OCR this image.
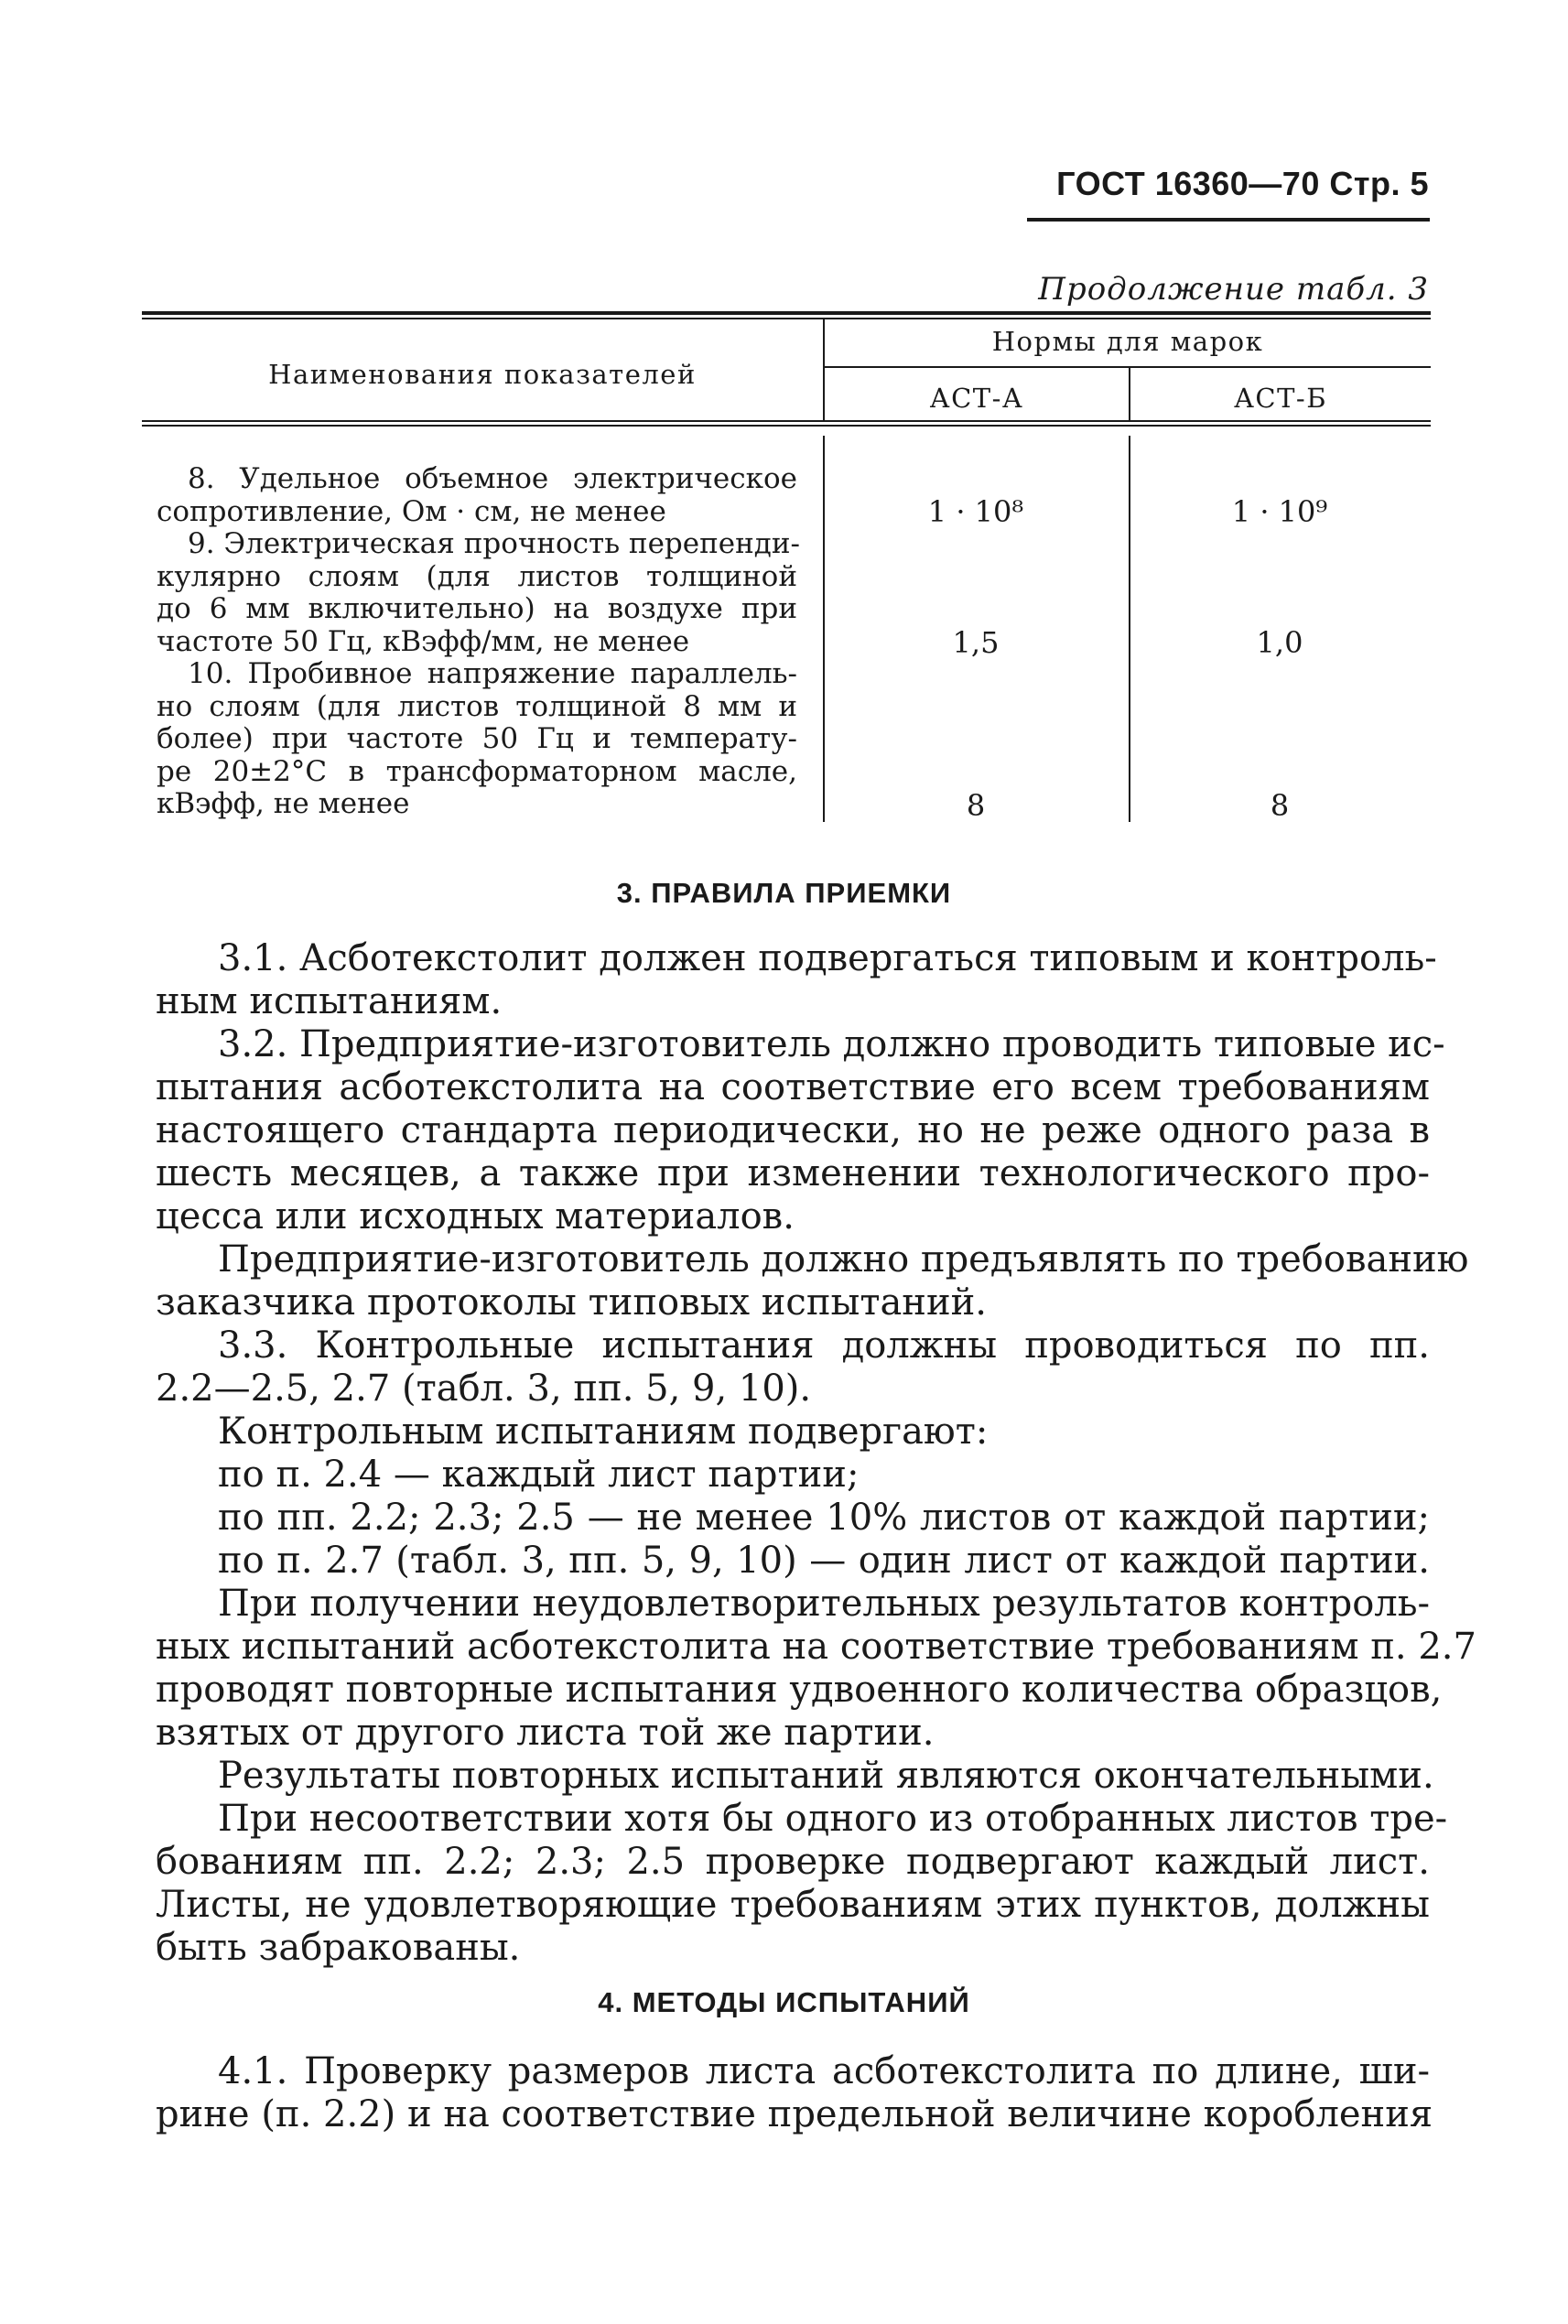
ГОСТ 16360—70 Стр. 5
Продолжение табл. 3
Наименования показателей
Нормы для марок
АСТ-А	АСТ-Б
8. Удельное объемное электрическое
сопротивление, Ом · см, не менее	1 · 10⁸	1 · 10⁹
9. Электрическая прочность перепенди-
кулярно слоям (для листов толщиной
до 6 мм включительно) на воздухе при
частоте 50 Гц, кВэфф/мм, не менее	1,5	1,0
10. Пробивное напряжение параллель-
но слоям (для листов толщиной 8 мм и
более) при частоте 50 Гц и температу-
ре 20±2°С в трансформаторном масле,
кВэфф, не менее	8	8
3. ПРАВИЛА ПРИЕМКИ
3.1. Асботекстолит должен подвергаться типовым и контроль-
ным испытаниям.
3.2. Предприятие-изготовитель должно проводить типовые ис-
пытания асботекстолита на соответствие его всем требованиям
настоящего стандарта периодически, но не реже одного раза в
шесть месяцев, а также при изменении технологического про-
цесса или исходных материалов.
Предприятие-изготовитель должно предъявлять по требованию
заказчика протоколы типовых испытаний.
3.3. Контрольные испытания должны проводиться по пп.
2.2—2.5, 2.7 (табл. 3, пп. 5, 9, 10).
Контрольным испытаниям подвергают:
по п. 2.4 — каждый лист партии;
по пп. 2.2; 2.3; 2.5 — не менее 10% листов от каждой партии;
по п. 2.7 (табл. 3, пп. 5, 9, 10) — один лист от каждой партии.
При получении неудовлетворительных результатов контроль-
ных испытаний асботекстолита на соответствие требованиям п. 2.7
проводят повторные испытания удвоенного количества образцов,
взятых от другого листа той же партии.
Результаты повторных испытаний являются окончательными.
При несоответствии хотя бы одного из отобранных листов тре-
бованиям пп. 2.2; 2.3; 2.5 проверке подвергают каждый лист.
Листы, не удовлетворяющие требованиям этих пунктов, должны
быть забракованы.
4. МЕТОДЫ ИСПЫТАНИЙ
4.1. Проверку размеров листа асботекстолита по длине, ши-
рине (п. 2.2) и на соответствие предельной величине коробления
